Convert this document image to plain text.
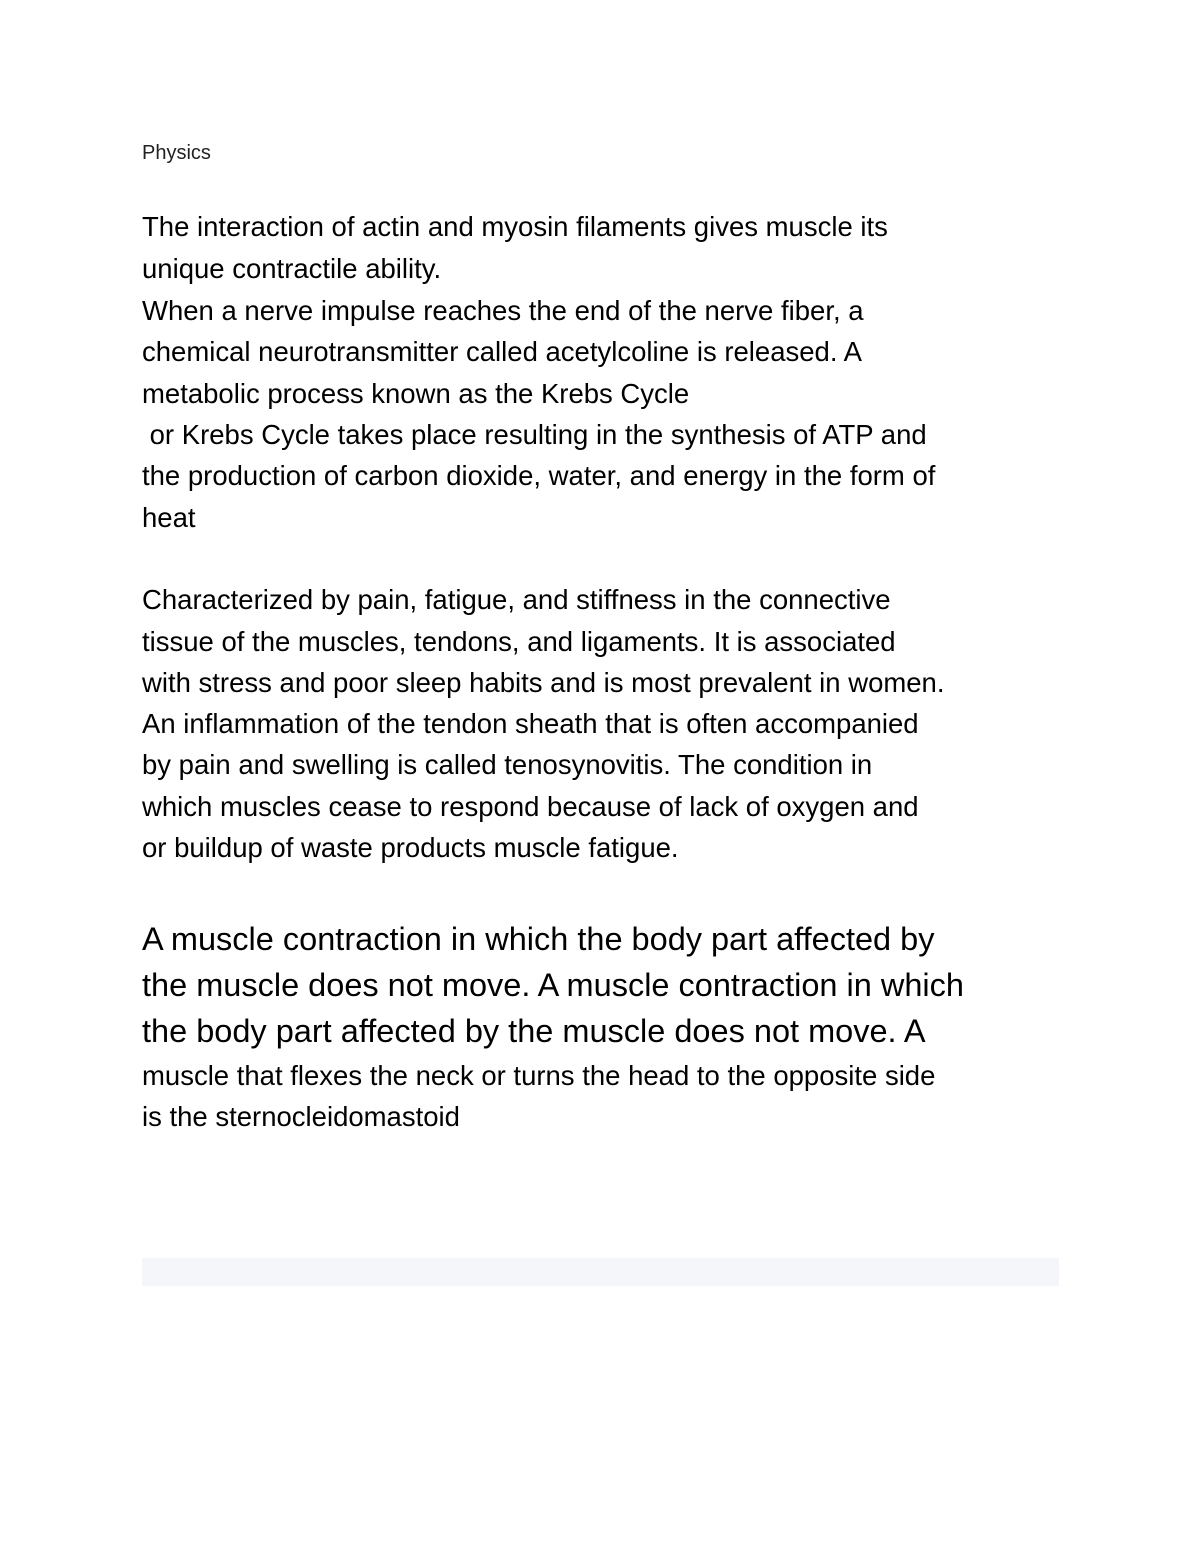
Physics
The interaction of actin and myosin filaments gives muscle its
unique contractile ability.
When a nerve impulse reaches the end of the nerve fiber, a
chemical neurotransmitter called acetylcoline is released. A
metabolic process known as the Krebs Cycle
or Krebs Cycle takes place resulting in the synthesis of ATP and
the production of carbon dioxide, water, and energy in the form of
heat
Characterized by pain, fatigue, and stiffness in the connective
tissue of the muscles, tendons, and ligaments. It is associated
with stress and poor sleep habits and is most prevalent in women.
An inflammation of the tendon sheath that is often accompanied
by pain and swelling is called tenosynovitis. The condition in
which muscles cease to respond because of lack of oxygen and
or buildup of waste products muscle fatigue.
A muscle contraction in which the body part affected by
the muscle does not move. A muscle contraction in which
the body part affected by the muscle does not move. A
muscle that flexes the neck or turns the head to the opposite side
is the sternocleidomastoid
